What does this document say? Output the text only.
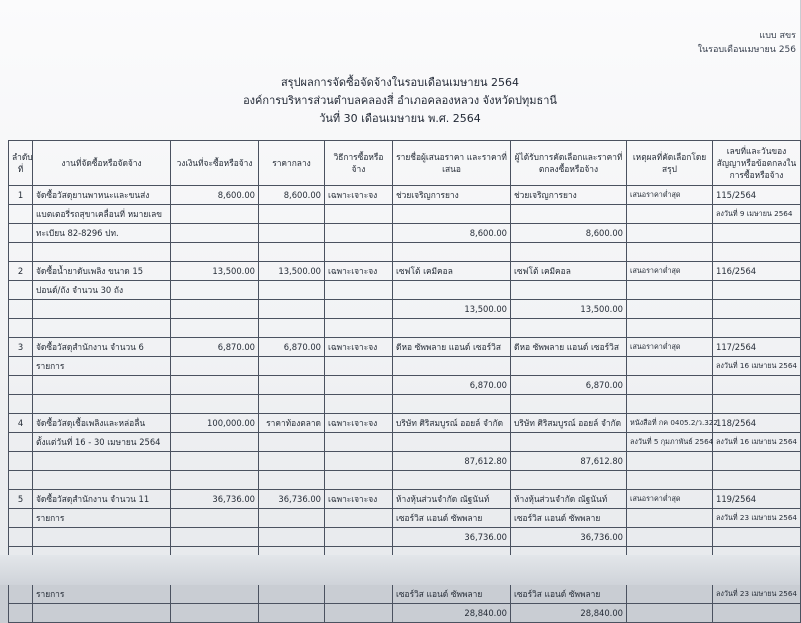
แบบ สขร
ในรอบเดือนเมษายน 256
สรุปผลการจัดซื้อจัดจ้างในรอบเดือนเมษายน 2564
องค์การบริหารส่วนตำบลคลองสี่ อำเภอคลองหลวง จังหวัดปทุมธานี
วันที่ 30 เดือนเมษายน พ.ศ. 2564
ลำดับที่	งานที่จัดซื้อหรือจัดจ้าง	วงเงินที่จะซื้อหรือจ้าง	ราคากลาง	วิธีการซื้อหรือจ้าง	รายชื่อผู้เสนอราคา และราคาที่เสนอ	ผู้ได้รับการคัดเลือกและราคาที่ตกลงซื้อหรือจ้าง	เหตุผลที่คัดเลือกโดยสรุป	เลขที่และวันของสัญญาหรือข้อตกลงในการซื้อหรือจ้าง
1	จัดซื้อวัสดุยานพาหนะและขนส่ง	8,600.00	8,600.00	เฉพาะเจาะจง	ช่วยเจริญการยาง	ช่วยเจริญการยาง	เสนอราคาต่ำสุด	115/2564
	แบตเตอรี่รถสุขาเคลื่อนที่ หมายเลข							ลงวันที่ 9 เมษายน 2564
	ทะเบียน 82-8296 ปท.				8,600.00	8,600.00		

2	จัดซื้อน้ำยาดับเพลิง ขนาด 15	13,500.00	13,500.00	เฉพาะเจาะจง	เซฟโต้ เคมีคอล	เซฟโต้ เคมีคอล	เสนอราคาต่ำสุด	116/2564
	ปอนด์/ถัง จำนวน 30 ถัง							
					13,500.00	13,500.00		

3	จัดซื้อวัสดุสำนักงาน จำนวน 6	6,870.00	6,870.00	เฉพาะเจาะจง	ดีหอ ซัพพลาย แอนด์ เซอร์วิส	ดีหอ ซัพพลาย แอนด์ เซอร์วิส	เสนอราคาต่ำสุด	117/2564
	รายการ							ลงวันที่ 16 เมษายน 2564
					6,870.00	6,870.00		

4	จัดซื้อวัสดุเชื้อเพลิงและหล่อลื่น	100,000.00	ราคาท้องตลาด	เฉพาะเจาะจง	บริษัท ศิริสมบูรณ์ ออยล์ จำกัด	บริษัท ศิริสมบูรณ์ ออยล์ จำกัด	หนังสือที่ กค 0405.2/ว.322	118/2564
	ตั้งแต่วันที่ 16 - 30 เมษายน 2564						ลงวันที่ 5 กุมภาพันธ์ 2564	ลงวันที่ 16 เมษายน 2564
					87,612.80	87,612.80		

5	จัดซื้อวัสดุสำนักงาน จำนวน 11	36,736.00	36,736.00	เฉพาะเจาะจง	ห้างหุ้นส่วนจำกัด ณัฐนันท์	ห้างหุ้นส่วนจำกัด ณัฐนันท์	เสนอราคาต่ำสุด	119/2564
	รายการ				เซอร์วิส แอนด์ ซัพพลาย	เซอร์วิส แอนด์ ซัพพลาย		ลงวันที่ 23 เมษายน 2564
					36,736.00	36,736.00		

	รายการ				เซอร์วิส แอนด์ ซัพพลาย	เซอร์วิส แอนด์ ซัพพลาย		ลงวันที่ 23 เมษายน 2564
					28,840.00	28,840.00		
